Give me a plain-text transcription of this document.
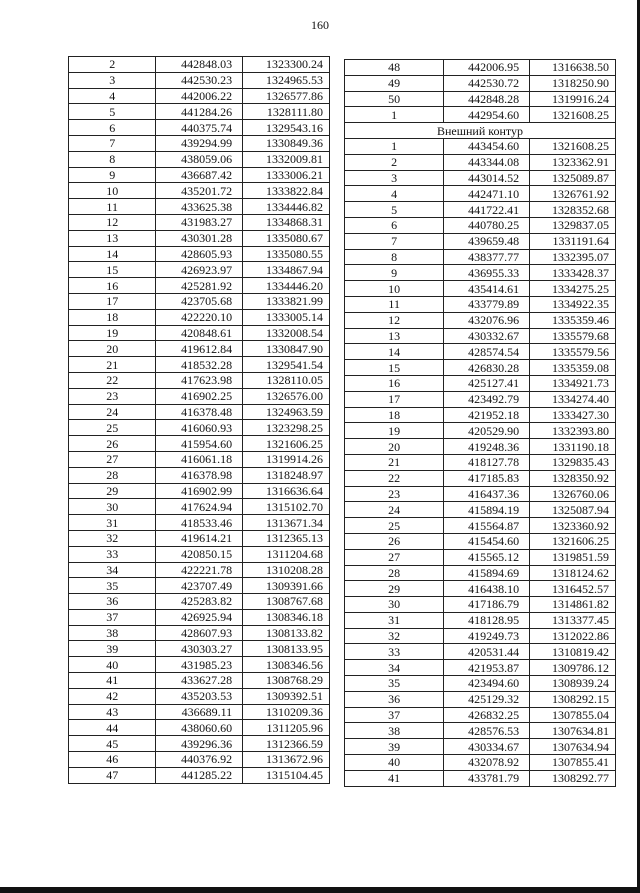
160
2	442848.03	1323300.24
3	442530.23	1324965.53
4	442006.22	1326577.86
5	441284.26	1328111.80
6	440375.74	1329543.16
7	439294.99	1330849.36
8	438059.06	1332009.81
9	436687.42	1333006.21
10	435201.72	1333822.84
11	433625.38	1334446.82
12	431983.27	1334868.31
13	430301.28	1335080.67
14	428605.93	1335080.55
15	426923.97	1334867.94
16	425281.92	1334446.20
17	423705.68	1333821.99
18	422220.10	1333005.14
19	420848.61	1332008.54
20	419612.84	1330847.90
21	418532.28	1329541.54
22	417623.98	1328110.05
23	416902.25	1326576.00
24	416378.48	1324963.59
25	416060.93	1323298.25
26	415954.60	1321606.25
27	416061.18	1319914.26
28	416378.98	1318248.97
29	416902.99	1316636.64
30	417624.94	1315102.70
31	418533.46	1313671.34
32	419614.21	1312365.13
33	420850.15	1311204.68
34	422221.78	1310208.28
35	423707.49	1309391.66
36	425283.82	1308767.68
37	426925.94	1308346.18
38	428607.93	1308133.82
39	430303.27	1308133.95
40	431985.23	1308346.56
41	433627.28	1308768.29
42	435203.53	1309392.51
43	436689.11	1310209.36
44	438060.60	1311205.96
45	439296.36	1312366.59
46	440376.92	1313672.96
47	441285.22	1315104.45
48	442006.95	1316638.50
49	442530.72	1318250.90
50	442848.28	1319916.24
1	442954.60	1321608.25
Внешний контур		
1	443454.60	1321608.25
2	443344.08	1323362.91
3	443014.52	1325089.87
4	442471.10	1326761.92
5	441722.41	1328352.68
6	440780.25	1329837.05
7	439659.48	1331191.64
8	438377.77	1332395.07
9	436955.33	1333428.37
10	435414.61	1334275.25
11	433779.89	1334922.35
12	432076.96	1335359.46
13	430332.67	1335579.68
14	428574.54	1335579.56
15	426830.28	1335359.08
16	425127.41	1334921.73
17	423492.79	1334274.40
18	421952.18	1333427.30
19	420529.90	1332393.80
20	419248.36	1331190.18
21	418127.78	1329835.43
22	417185.83	1328350.92
23	416437.36	1326760.06
24	415894.19	1325087.94
25	415564.87	1323360.92
26	415454.60	1321606.25
27	415565.12	1319851.59
28	415894.69	1318124.62
29	416438.10	1316452.57
30	417186.79	1314861.82
31	418128.95	1313377.45
32	419249.73	1312022.86
33	420531.44	1310819.42
34	421953.87	1309786.12
35	423494.60	1308939.24
36	425129.32	1308292.15
37	426832.25	1307855.04
38	428576.53	1307634.81
39	430334.67	1307634.94
40	432078.92	1307855.41
41	433781.79	1308292.77
